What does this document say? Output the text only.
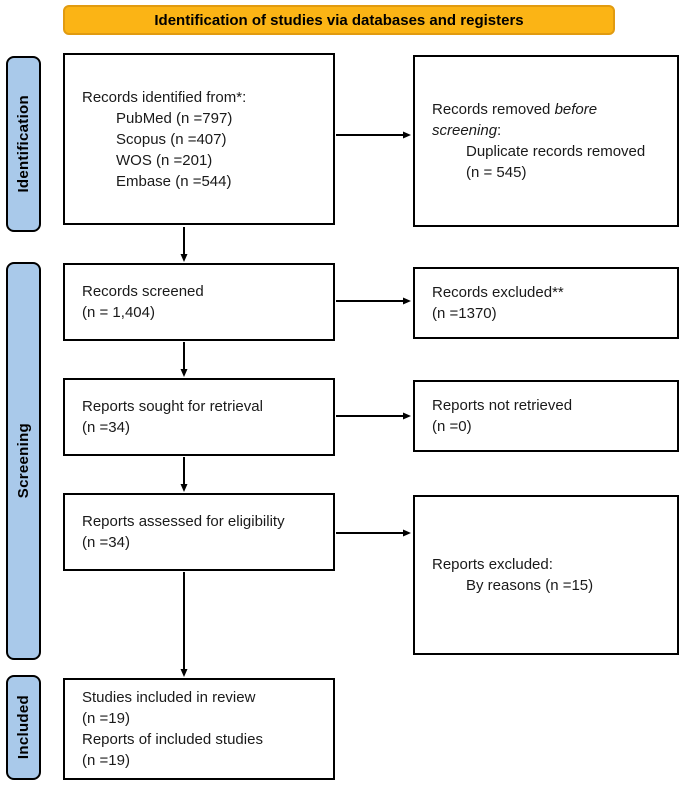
Identification of studies via databases and registers
Identification
Screening
Included
Records identified from*:
PubMed (n =797)
Scopus (n =407)
WOS (n =201)
Embase (n =544)
Records removed before screening:
Duplicate records removed
(n = 545)
Records screened
(n = 1,404)
Records excluded**
(n =1370)
Reports sought for retrieval
(n =34)
Reports not retrieved
(n =0)
Reports assessed for eligibility
(n =34)
Reports excluded:
By reasons (n =15)
Studies included in review
(n =19)
Reports of included studies
(n =19)
